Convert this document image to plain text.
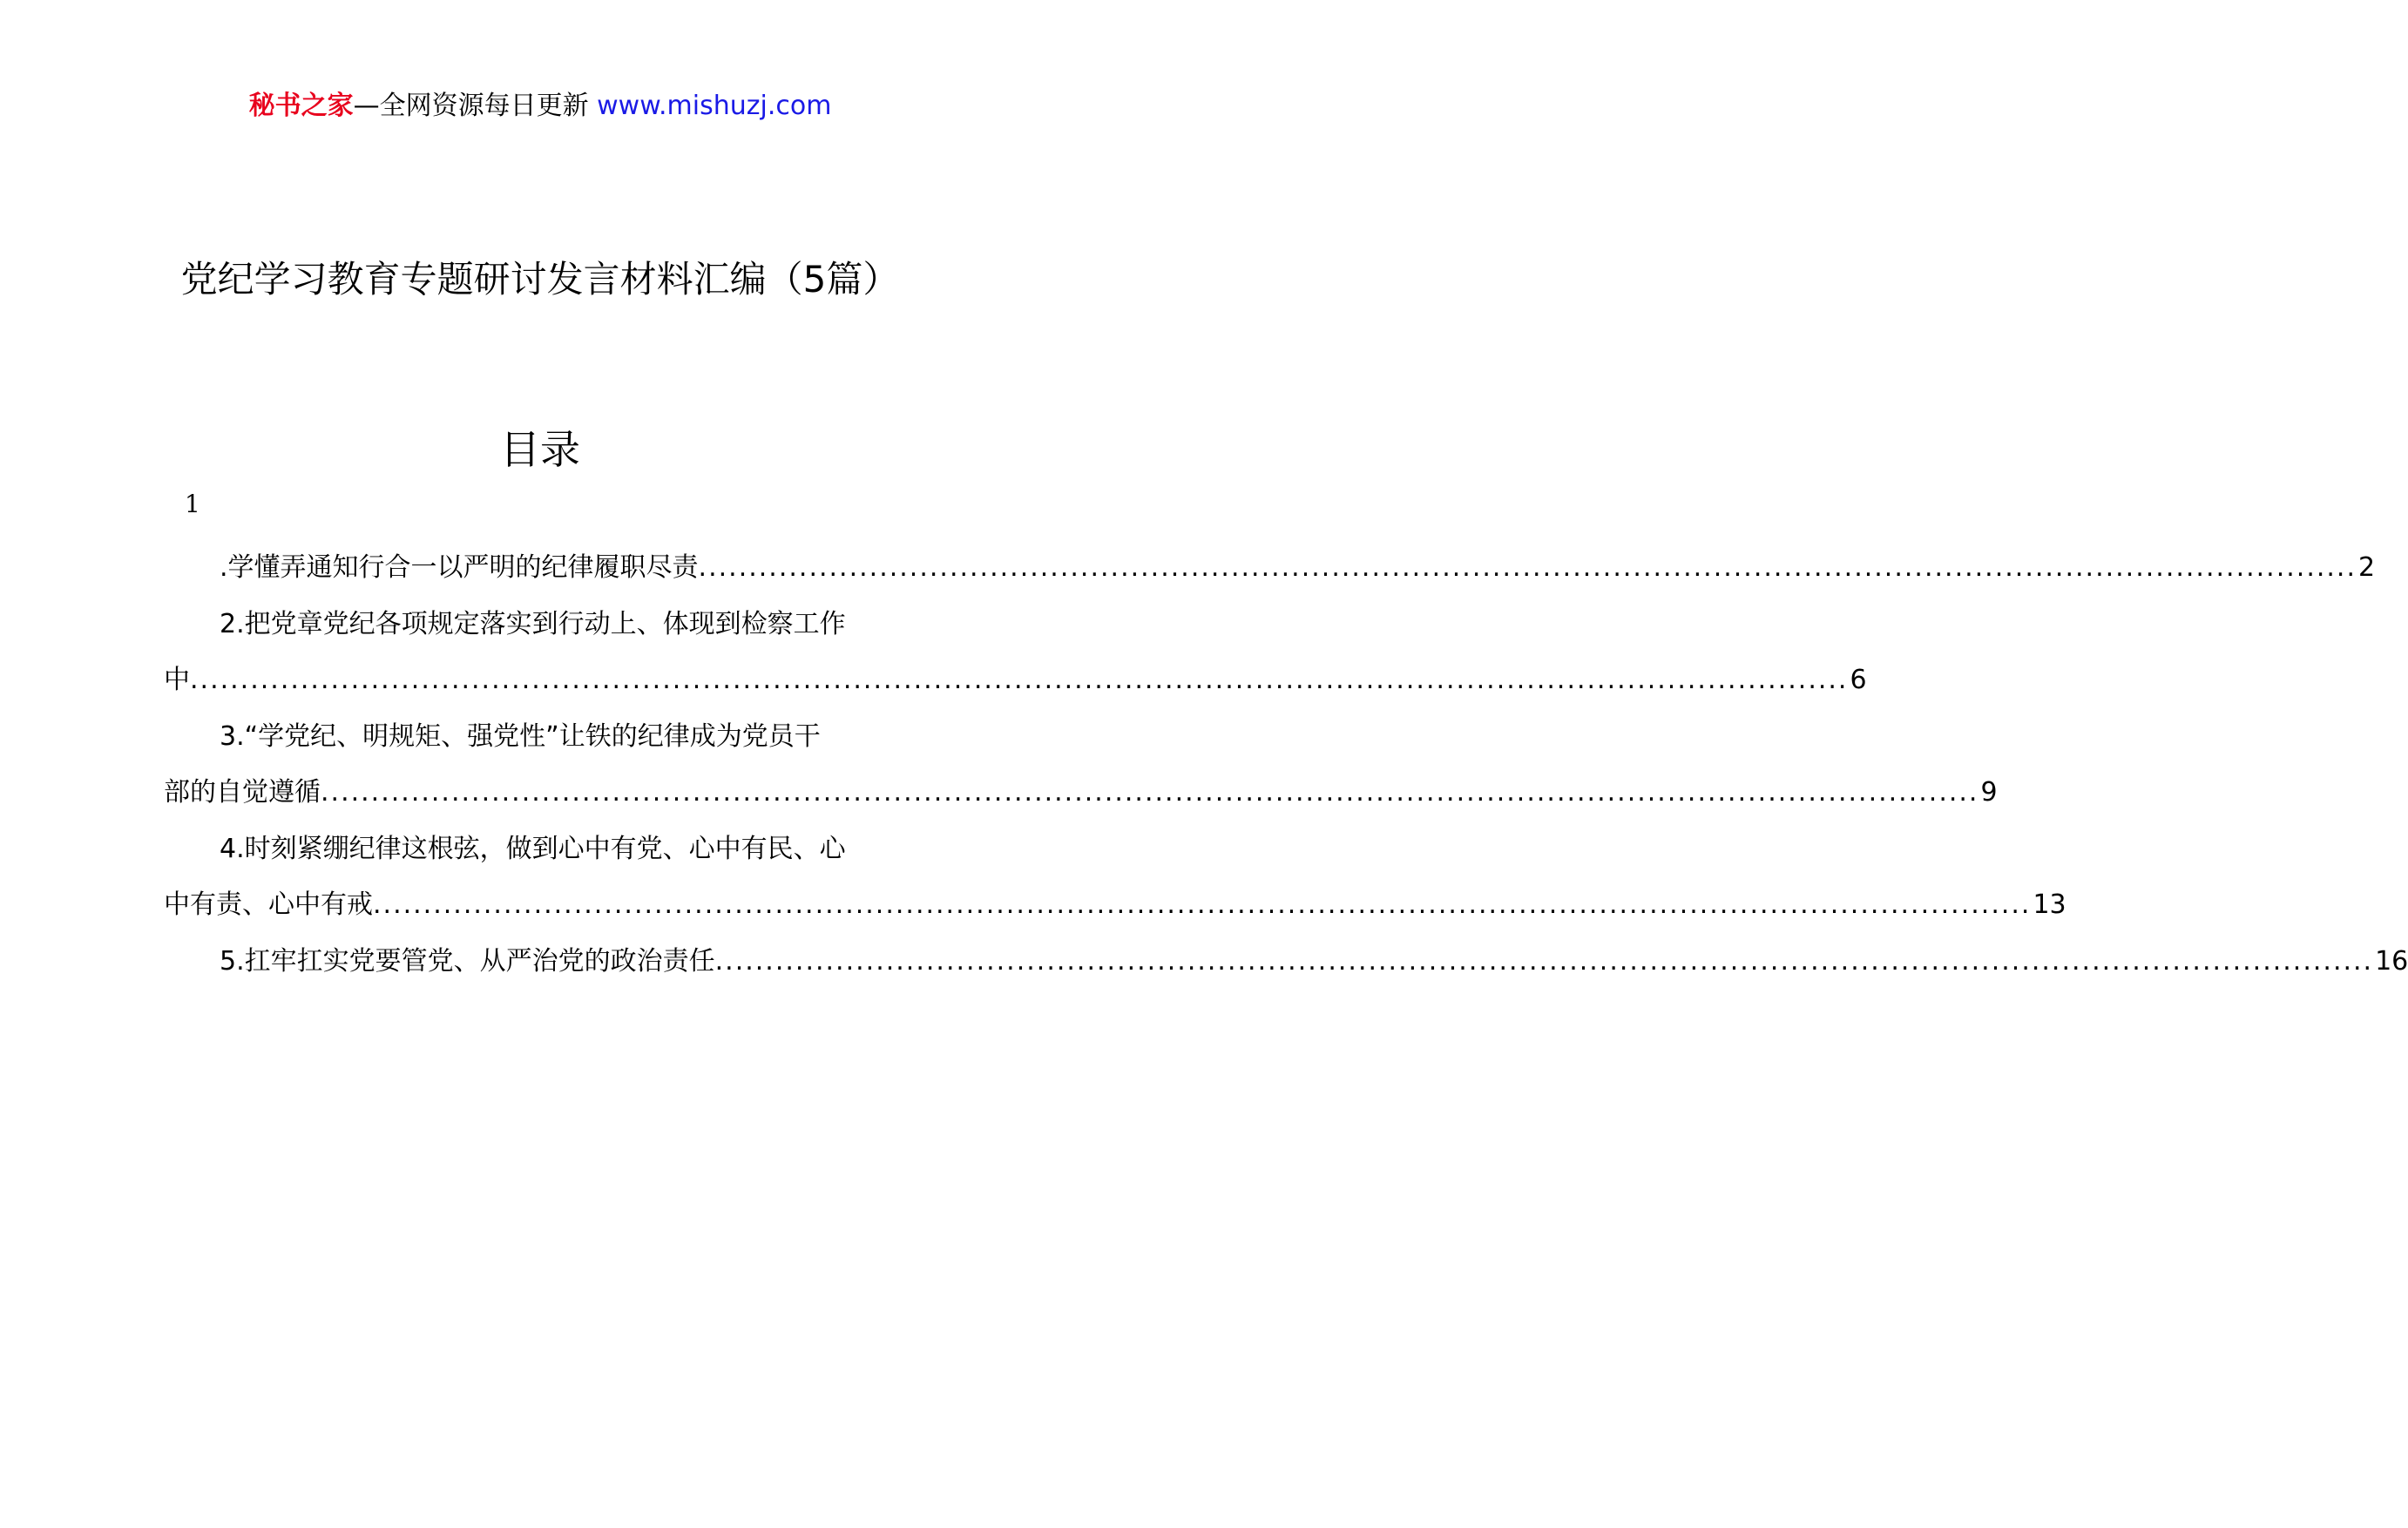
秘书之家—全网资源每日更新 www.mishuzj.com
党纪学习教育专题研讨发言材料汇编（5篇）
目录
1
.学懂弄通知行合一以严明的纪律履职尽责 ..................................................................................................................................................................... 2
2.把党章党纪各项规定落实到行动上、体现到检察工作
中 ..................................................................................................................................................................... 6
3.“学党纪、明规矩、强党性”让铁的纪律成为党员干
部的自觉遵循 ..................................................................................................................................................................... 9
4.时刻紧绷纪律这根弦，做到心中有党、心中有民、心
中有责、心中有戒 ..................................................................................................................................................................... 13
5.扛牢扛实党要管党、从严治党的政治责任 ..................................................................................................................................................................... 16
